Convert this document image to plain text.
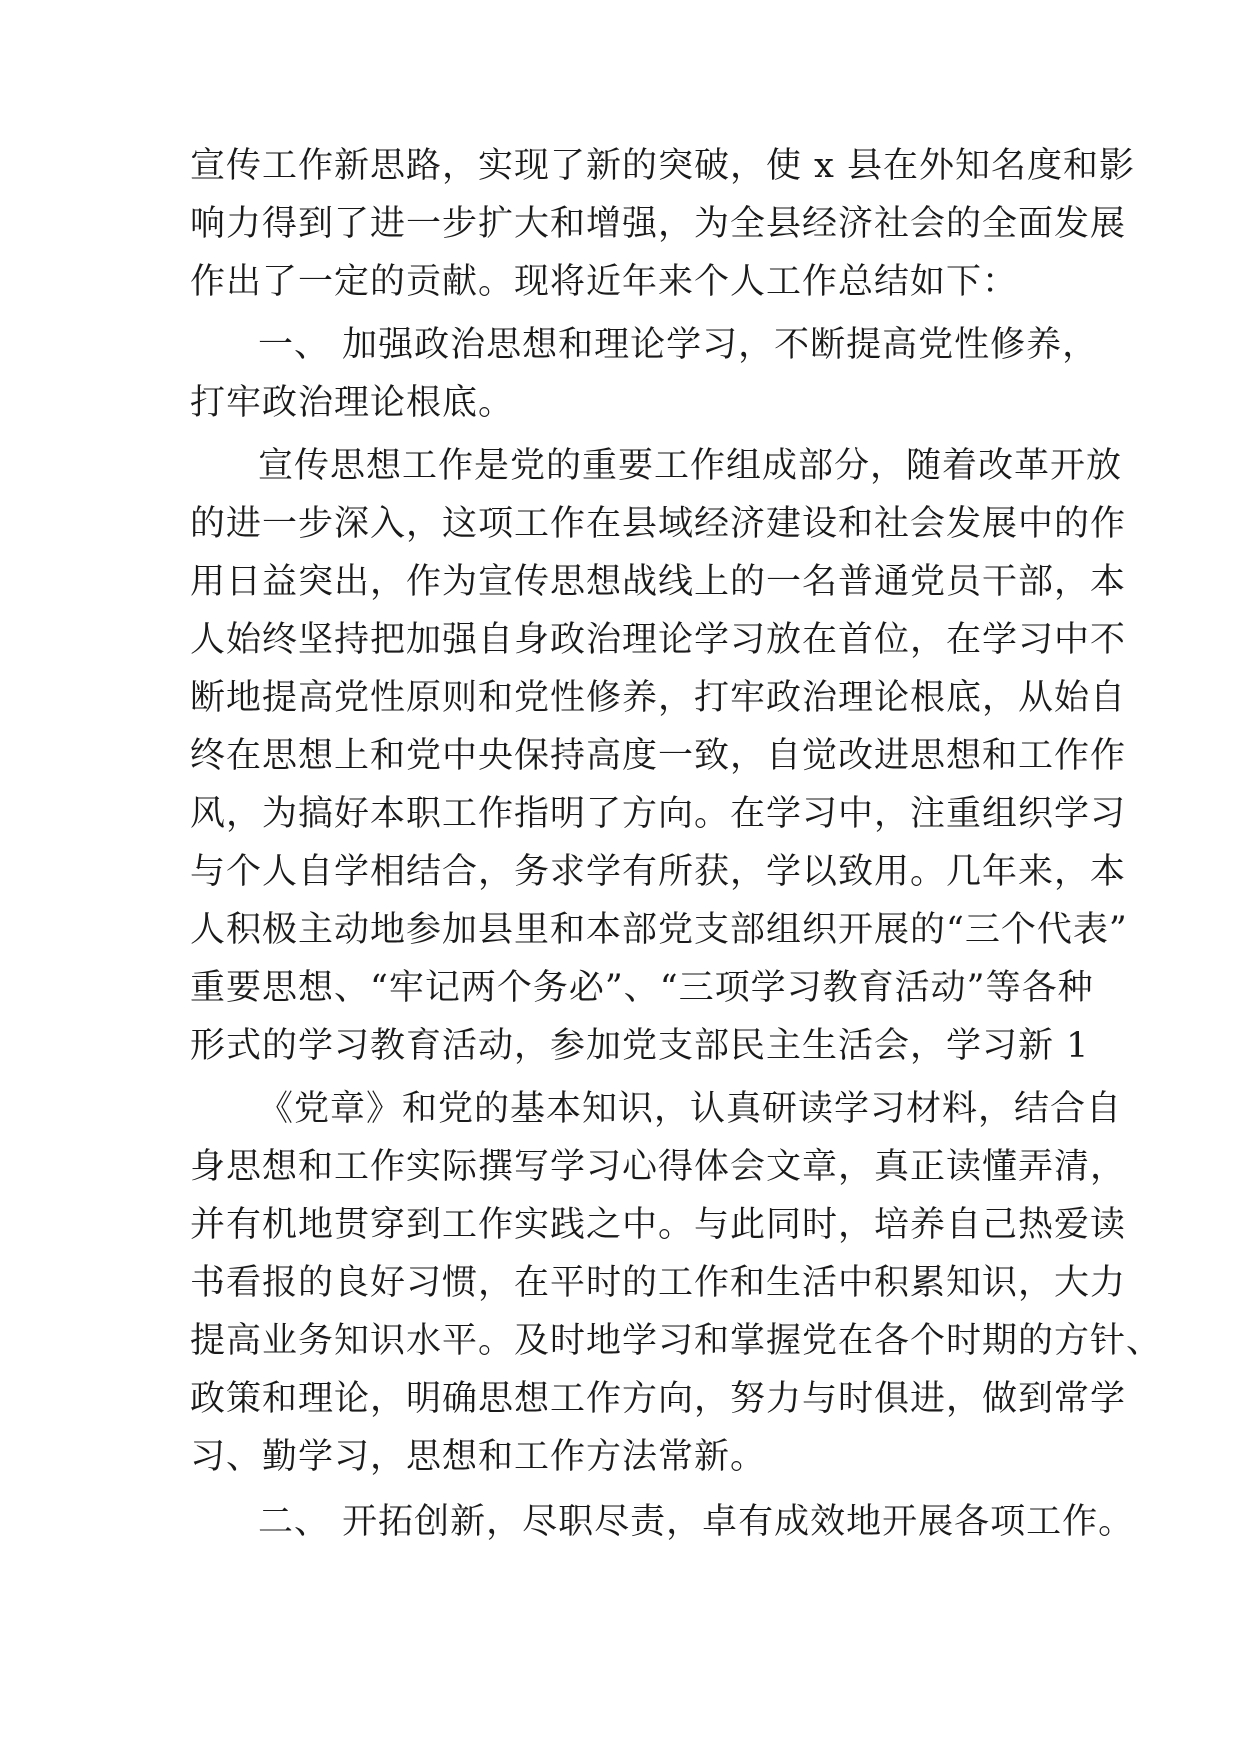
宣传工作新思路，实现了新的突破，使 x 县在外知名度和影
响力得到了进一步扩大和增强，为全县经济社会的全面发展
作出了一定的贡献。现将近年来个人工作总结如下：
一、 加强政治思想和理论学习，不断提高党性修养，
打牢政治理论根底。
宣传思想工作是党的重要工作组成部分，随着改革开放
的进一步深入，这项工作在县域经济建设和社会发展中的作
用日益突出，作为宣传思想战线上的一名普通党员干部，本
人始终坚持把加强自身政治理论学习放在首位，在学习中不
断地提高党性原则和党性修养，打牢政治理论根底，从始自
终在思想上和党中央保持高度一致，自觉改进思想和工作作
风，为搞好本职工作指明了方向。在学习中，注重组织学习
与个人自学相结合，务求学有所获，学以致用。几年来，本
人积极主动地参加县里和本部党支部组织开展的“三个代表”
重要思想、“牢记两个务必”、“三项学习教育活动”等各种
形式的学习教育活动，参加党支部民主生活会，学习新 1
《党章》和党的基本知识，认真研读学习材料，结合自
身思想和工作实际撰写学习心得体会文章，真正读懂弄清，
并有机地贯穿到工作实践之中。与此同时，培养自己热爱读
书看报的良好习惯，在平时的工作和生活中积累知识，大力
提高业务知识水平。及时地学习和掌握党在各个时期的方针、
政策和理论，明确思想工作方向，努力与时俱进，做到常学
习、勤学习，思想和工作方法常新。
二、 开拓创新，尽职尽责，卓有成效地开展各项工作。
